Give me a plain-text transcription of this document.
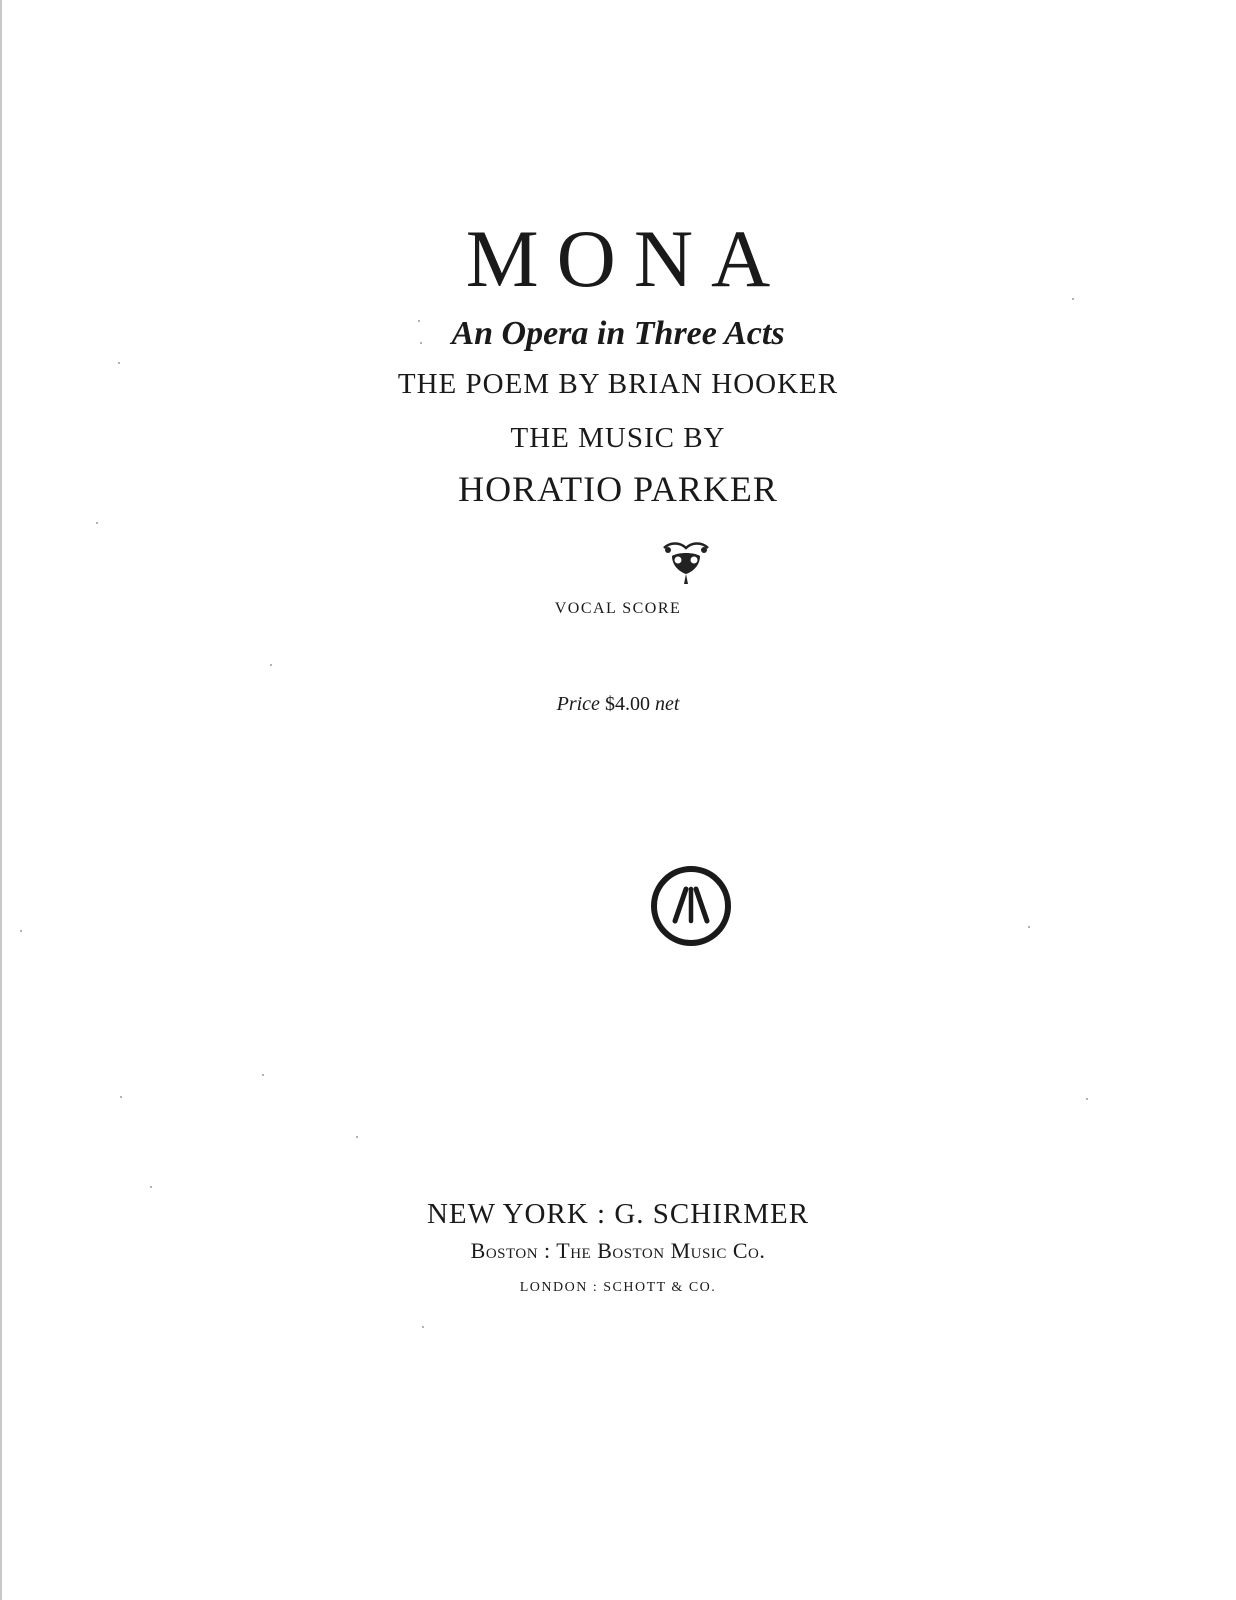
MONA
An Opera in Three Acts
THE POEM BY BRIAN HOOKER
THE MUSIC BY
HORATIO PARKER
VOCAL SCORE
Price $4.00 net
NEW YORK : G. SCHIRMER
Boston : The Boston Music Co.
LONDON : SCHOTT & CO.
